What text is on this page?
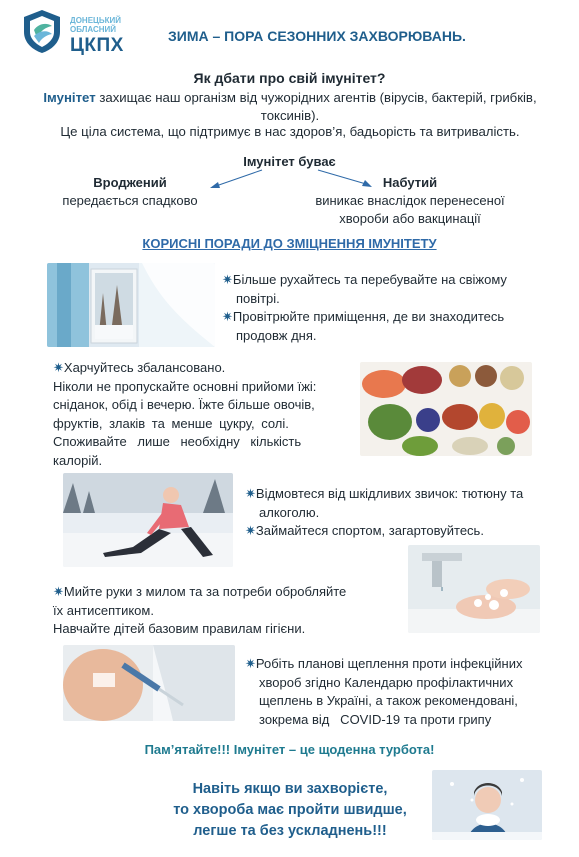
ДОНЕЦЬКИЙ
ОБЛАСНИЙ
ЦКПХ	ЗИМА – ПОРА СЕЗОННИХ ЗАХВОРЮВАНЬ.
Як дбати про свій імунітет?
Імунітет захищає наш організм від чужорідних агентів (вірусів, бактерій, грибків, токсинів).
Це ціла система, що підтримує в нас здоров’я, бадьорість та витривалість.
Імунітет буває
Вроджений
передається спадково
Набутий
виникає внаслідок перенесеної
хвороби або вакцинації
КОРИСНІ ПОРАДИ ДО ЗМІЦНЕННЯ ІМУНІТЕТУ
✷Більше рухайтесь та перебувайте на свіжому
повітрі.
✷Провітрюйте приміщення, де ви знаходитесь
продовж дня.
✷Харчуйтесь збалансовано.
Ніколи не пропускайте основні прийоми їжі:
сніданок, обід і вечерю. Їжте більше овочів,
фруктів, злаків та менше цукру, солі.
Споживайте лише необхідну кількість
калорій.
✷Відмовтеся від шкідливих звичок: тютюну та
алкоголю.
✷Займайтеся спортом, загартовуйтесь.
✷Мийте руки з милом та за потреби обробляйте
їх антисептиком.
Навчайте дітей базовим правилам гігієни.
✷Робіть планові щеплення проти інфекційних
хвороб згідно Календарю профілактичних
щеплень в Україні, а також рекомендовані,
зокрема від   COVID-19 та проти грипу
Пам’ятайте!!! Імунітет – це щоденна турбота!
Навіть якщо ви захворієте,
то хвороба має пройти швидше,
легше та без ускладнень!!!
